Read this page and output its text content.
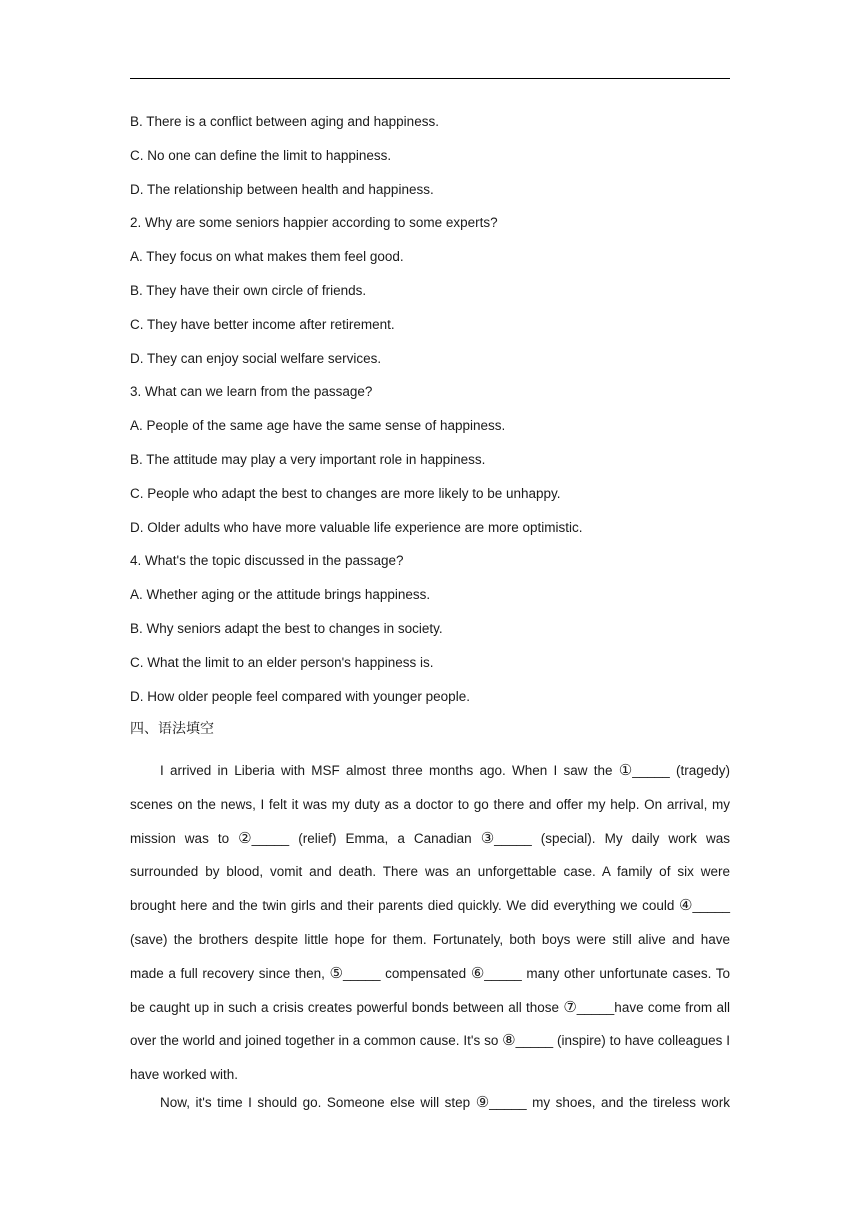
B. There is a conflict between aging and happiness.
C. No one can define the limit to happiness.
D. The relationship between health and happiness.
2. Why are some seniors happier according to some experts?
A. They focus on what makes them feel good.
B. They have their own circle of friends.
C. They have better income after retirement.
D. They can enjoy social welfare services.
3. What can we learn from the passage?
A. People of the same age have the same sense of happiness.
B. The attitude may play a very important role in happiness.
C. People who adapt the best to changes are more likely to be unhappy.
D. Older adults who have more valuable life experience are more optimistic.
4. What's the topic discussed in the passage?
A. Whether aging or the attitude brings happiness.
B. Why seniors adapt the best to changes in society.
C. What the limit to an elder person's happiness is.
D. How older people feel compared with younger people.
四、语法填空

I arrived in Liberia with MSF almost three months ago. When I saw the ①_____ (tragedy) scenes on the news, I felt it was my duty as a doctor to go there and offer my help. On arrival, my mission was to ②_____ (relief) Emma, a Canadian ③_____ (special). My daily work was surrounded by blood, vomit and death. There was an unforgettable case. A family of six were brought here and the twin girls and their parents died quickly. We did everything we could ④_____ (save) the brothers despite little hope for them. Fortunately, both boys were still alive and have made a full recovery since then, ⑤_____ compensated ⑥_____ many other unfortunate cases. To be caught up in such a crisis creates powerful bonds between all those ⑦_____have come from all over the world and joined together in a common cause. It's so ⑧_____ (inspire) to have colleagues I have worked with.

Now, it's time I should go. Someone else will step ⑨_____ my shoes, and the tireless work
